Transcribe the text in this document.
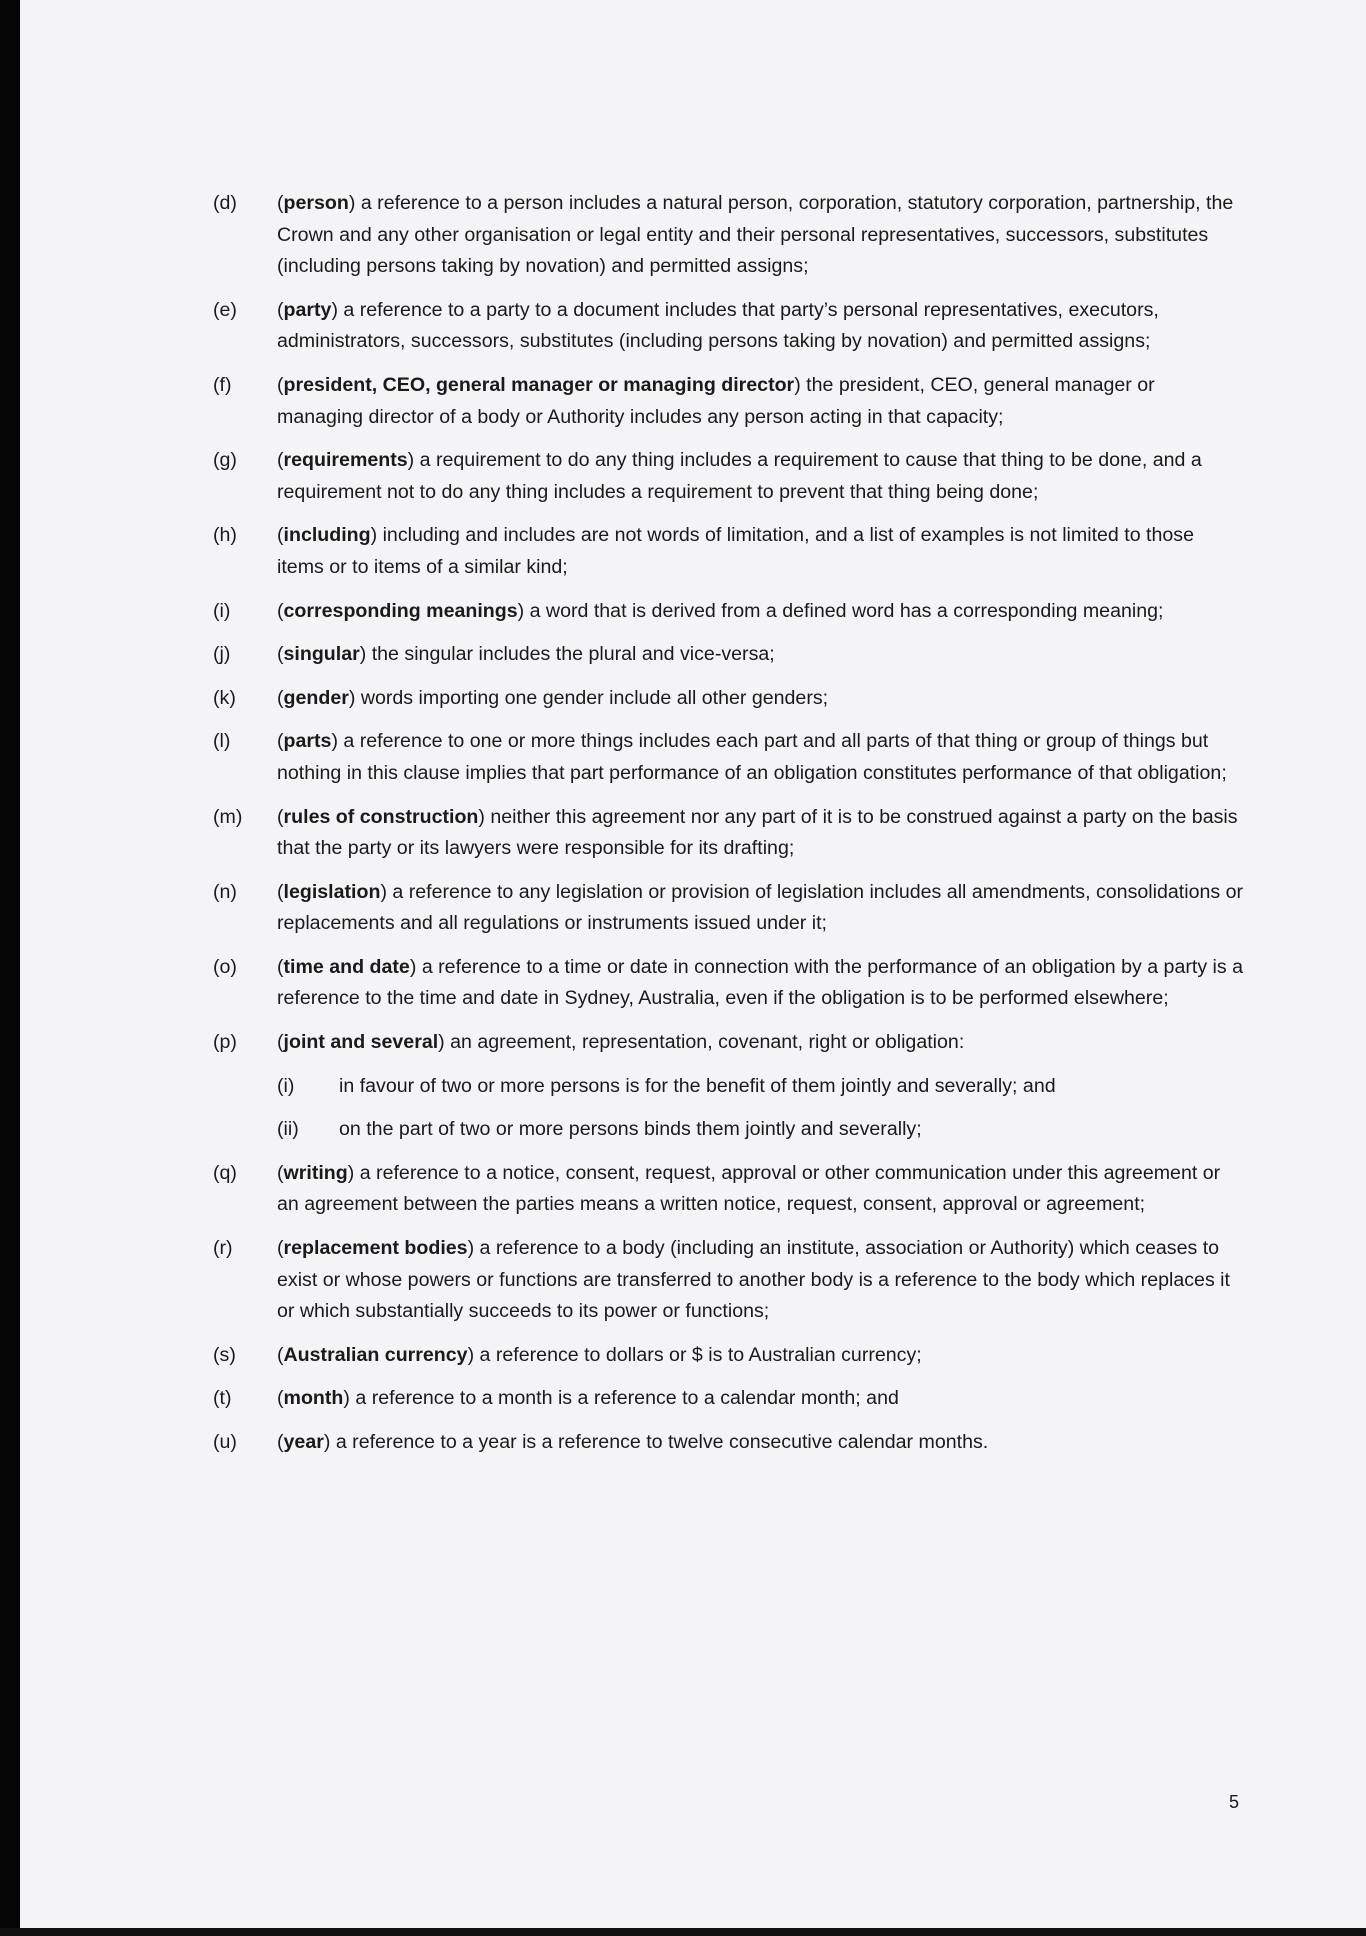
(d)	(person) a reference to a person includes a natural person, corporation, statutory corporation, partnership, the Crown and any other organisation or legal entity and their personal representatives, successors, substitutes (including persons taking by novation) and permitted assigns;
(e)	(party) a reference to a party to a document includes that party’s personal representatives, executors, administrators, successors, substitutes (including persons taking by novation) and permitted assigns;
(f)	(president, CEO, general manager or managing director) the president, CEO, general manager or managing director of a body or Authority includes any person acting in that capacity;
(g)	(requirements) a requirement to do any thing includes a requirement to cause that thing to be done, and a requirement not to do any thing includes a requirement to prevent that thing being done;
(h)	(including) including and includes are not words of limitation, and a list of examples is not limited to those items or to items of a similar kind;
(i)	(corresponding meanings) a word that is derived from a defined word has a corresponding meaning;
(j)	(singular) the singular includes the plural and vice-versa;
(k)	(gender) words importing one gender include all other genders;
(l)	(parts) a reference to one or more things includes each part and all parts of that thing or group of things but nothing in this clause implies that part performance of an obligation constitutes performance of that obligation;
(m)	(rules of construction) neither this agreement nor any part of it is to be construed against a party on the basis that the party or its lawyers were responsible for its drafting;
(n)	(legislation) a reference to any legislation or provision of legislation includes all amendments, consolidations or replacements and all regulations or instruments issued under it;
(o)	(time and date) a reference to a time or date in connection with the performance of an obligation by a party is a reference to the time and date in Sydney, Australia, even if the obligation is to be performed elsewhere;
(p)	(joint and several) an agreement, representation, covenant, right or obligation:
(i) in favour of two or more persons is for the benefit of them jointly and severally; and
(ii) on the part of two or more persons binds them jointly and severally;
(q)	(writing) a reference to a notice, consent, request, approval or other communication under this agreement or an agreement between the parties means a written notice, request, consent, approval or agreement;
(r)	(replacement bodies) a reference to a body (including an institute, association or Authority) which ceases to exist or whose powers or functions are transferred to another body is a reference to the body which replaces it or which substantially succeeds to its power or functions;
(s)	(Australian currency) a reference to dollars or $ is to Australian currency;
(t)	(month) a reference to a month is a reference to a calendar month; and
(u)	(year) a reference to a year is a reference to twelve consecutive calendar months.
5
